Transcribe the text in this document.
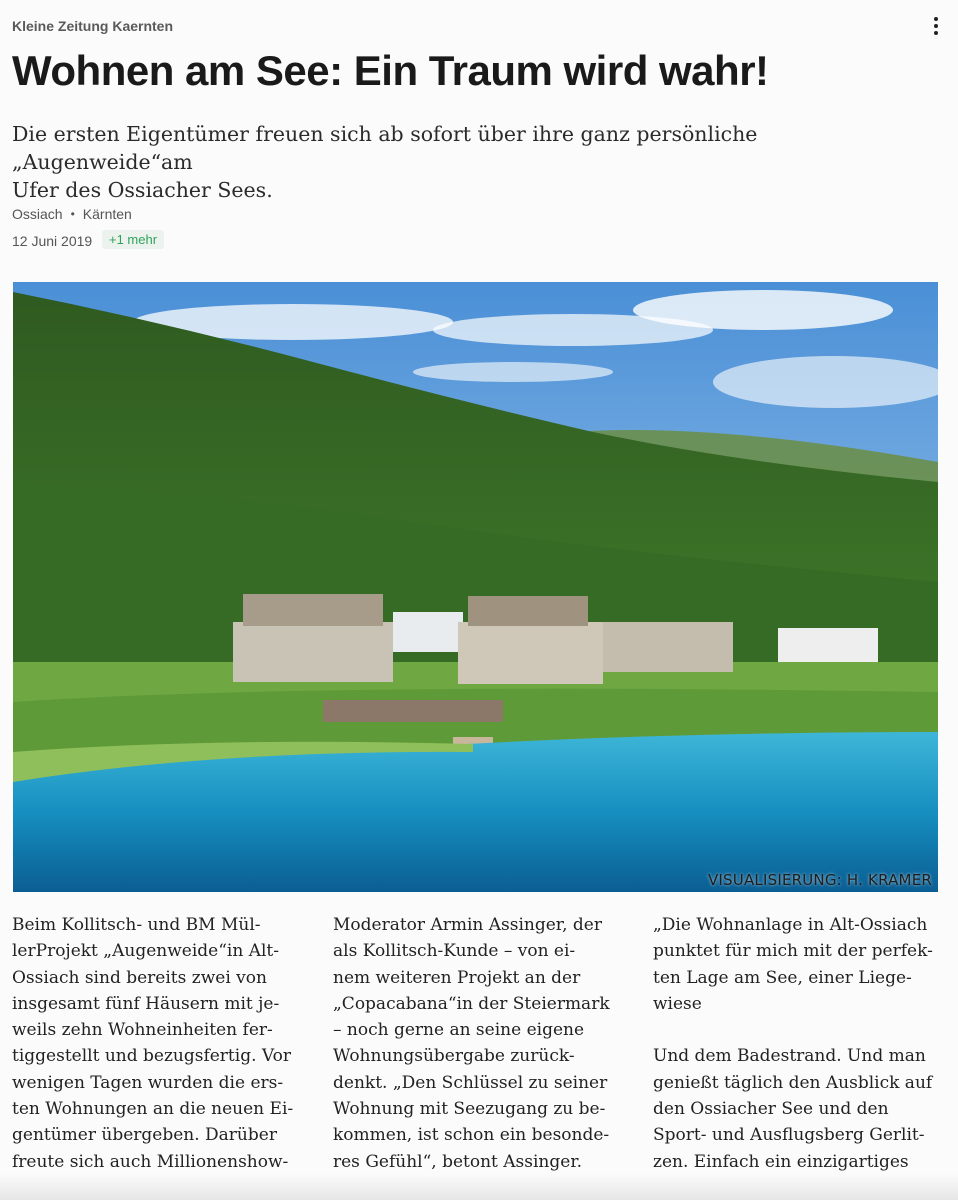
Kleine Zeitung Kaernten
Wohnen am See: Ein Traum wird wahr!
Die ersten Eigentümer freuen sich ab sofort über ihre ganz persönliche „Augenweide“am
Ufer des Ossiacher Sees.
Ossiach • Kärnten
12 Juni 2019	+1 mehr
VISUALISIERUNG: H. KRAMER
Beim Kollitsch- und BM Mül-
lerProjekt „Augenweide“in Alt-
Ossiach sind bereits zwei von
insgesamt fünf Häusern mit je-
weils zehn Wohneinheiten fer-
tiggestellt und bezugsfertig. Vor
wenigen Tagen wurden die ers-
ten Wohnungen an die neuen Ei-
gentümer übergeben. Darüber
freute sich auch Millionenshow-
Moderator Armin Assinger, der
als Kollitsch-Kunde – von ei-
nem weiteren Projekt an der
„Copacabana“in der Steiermark
– noch gerne an seine eigene
Wohnungsübergabe zurück-
denkt. „Den Schlüssel zu seiner
Wohnung mit Seezugang zu be-
kommen, ist schon ein besonde-
res Gefühl“, betont Assinger.
„Die Wohnanlage in Alt-Ossiach
punktet für mich mit der perfek-
ten Lage am See, einer Liege-
wiese
Und dem Badestrand. Und man
genießt täglich den Ausblick auf
den Ossiacher See und den
Sport- und Ausflugsberg Gerlit-
zen. Einfach ein einzigartiges
